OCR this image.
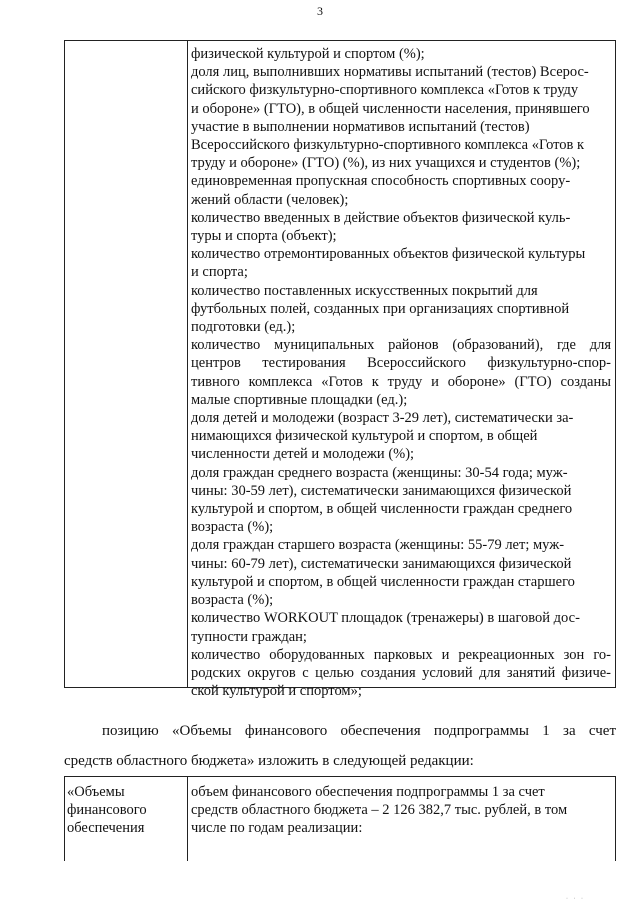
3
физической культурой и спортом (%);
доля лиц, выполнивших нормативы испытаний (тестов) Всерос-
сийского физкультурно-спортивного комплекса «Готов к труду
и обороне» (ГТО), в общей численности населения, принявшего
участие в выполнении нормативов испытаний (тестов)
Всероссийского физкультурно-спортивного комплекса «Готов к
труду и обороне» (ГТО) (%), из них учащихся и студентов (%);
единовременная пропускная способность спортивных соору-
жений области (человек);
количество введенных в действие объектов физической куль-
туры и спорта (объект);
количество отремонтированных объектов физической культуры
и спорта;
количество поставленных искусственных покрытий для
футбольных полей, созданных при организациях спортивной
подготовки (ед.);
количество муниципальных районов (образований), где для
центров тестирования Всероссийского физкультурно-спор-
тивного комплекса «Готов к труду и обороне» (ГТО) созданы
малые спортивные площадки (ед.);
доля детей и молодежи (возраст 3-29 лет), систематически за-
нимающихся физической культурой и спортом, в общей
численности детей и молодежи (%);
доля граждан среднего возраста (женщины: 30-54 года; муж-
чины: 30-59 лет), систематически занимающихся физической
культурой и спортом, в общей численности граждан среднего
возраста (%);
доля граждан старшего возраста (женщины: 55-79 лет; муж-
чины: 60-79 лет), систематически занимающихся физической
культурой и спортом, в общей численности граждан старшего
возраста (%);
количество WORKOUT площадок (тренажеры) в шаговой дос-
тупности граждан;
количество оборудованных парковых и рекреационных зон го-
родских округов с целью создания условий для занятий физиче-
ской культурой и спортом»;
позицию «Объемы финансового обеспечения подпрограммы 1 за счет
средств областного бюджета» изложить в следующей редакции:
«Объемы
финансового
обеспечения
объем финансового обеспечения подпрограммы 1 за счет
средств областного бюджета – 2 126 382,7 тыс. рублей, в том
числе по годам реализации:
· · ·
